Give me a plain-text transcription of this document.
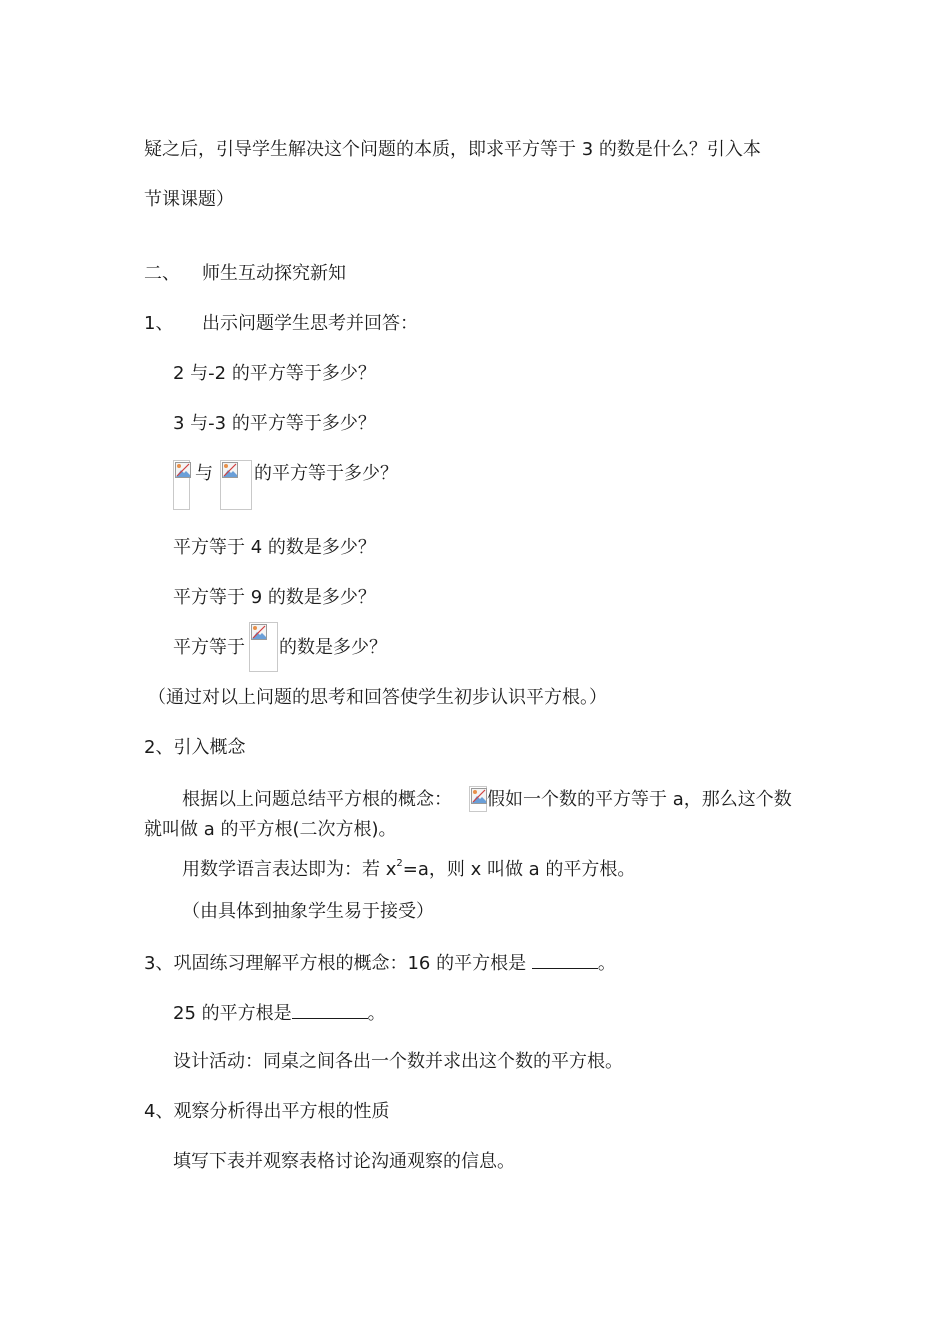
疑之后，引导学生解决这个问题的本质，即求平方等于 3 的数是什么？引入本
节课课题）
二、 师生互动探究新知
1、 出示问题学生思考并回答：
2 与-2 的平方等于多少？
3 与-3 的平方等于多少？
与 的平方等于多少？
平方等于 4 的数是多少？
平方等于 9 的数是多少？
平方等于 的数是多少？
（通过对以上问题的思考和回答使学生初步认识平方根。）
2、引入概念
根据以上问题总结平方根的概念： 假如一个数的平方等于 a，那么这个数
就叫做 a 的平方根(二次方根)。
用数学语言表达即为：若 $x^2=a$，则 x 叫做 a 的平方根。
（由具体到抽象学生易于接受）
3、巩固练习理解平方根的概念：16 的平方根是	。
25 的平方根是	。
设计活动：同桌之间各出一个数并求出这个数的平方根。
4、观察分析得出平方根的性质
填写下表并观察表格讨论沟通观察的信息。
